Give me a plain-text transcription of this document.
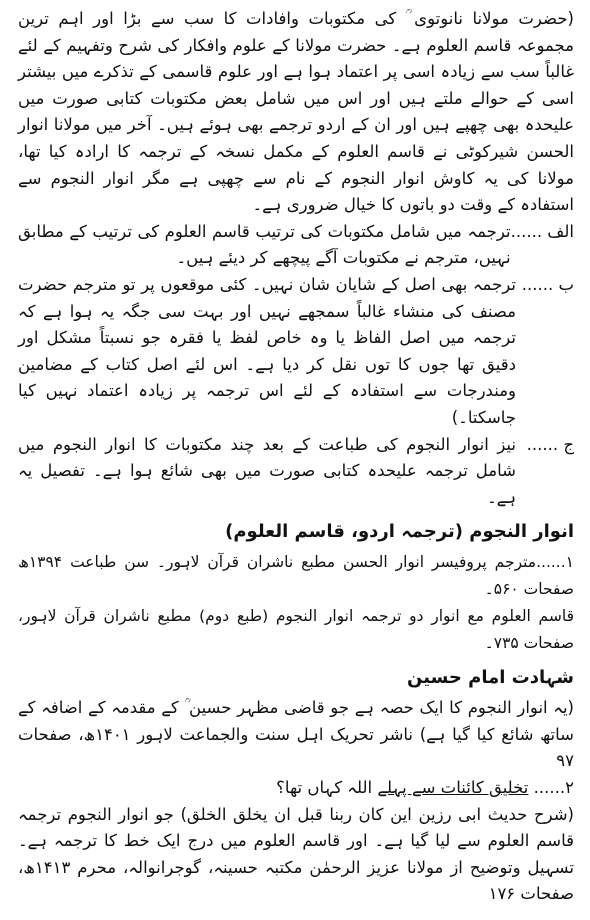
(حضرت مولانا نانوتوی ؒ کی مکتوبات وافادات کا سب سے بڑا اور اہم ترین مجموعہ قاسم العلوم ہے۔ حضرت مولانا کے علوم وافکار کی شرح وتفہیم کے لئے غالباً سب سے زیادہ اسی پر اعتماد ہوا ہے اور علوم قاسمی کے تذکرے میں بیشتر اسی کے حوالے ملتے ہیں اور اس میں شامل بعض مکتوبات کتابی صورت میں علیحدہ بھی چھپے ہیں اور ان کے اردو ترجمے بھی ہوئے ہیں۔ آخر میں مولانا انوار الحسن شیرکوٹی نے قاسم العلوم کے مکمل نسخہ کے ترجمہ کا ارادہ کیا تھا، مولانا کی یہ کاوش انوار النجوم کے نام سے چھپی ہے مگر انوار النجوم سے استفادہ کے وقت دو باتوں کا خیال ضروری ہے۔

الف ......
ترجمہ میں شامل مکتوبات کی ترتیب قاسم العلوم کی ترتیب کے مطابق نہیں، مترجم نے مکتوبات آگے پیچھے کر دیئے ہیں۔
ب ......
ترجمہ بھی اصل کے شایان شان نہیں۔ کئی موقعوں پر تو مترجم حضرت مصنف کی منشاء غالباً سمجھے نہیں اور بہت سی جگہ یہ ہوا ہے کہ ترجمہ میں اصل الفاظ یا وہ خاص لفظ یا فقرہ جو نسبتاً مشکل اور دقیق تھا جوں کا توں نقل کر دیا ہے۔ اس لئے اصل کتاب کے مضامین ومندرجات سے استفادہ کے لئے اس ترجمہ پر زیادہ اعتماد نہیں کیا جاسکتا۔)
ج ......
نیز انوار النجوم کی طباعت کے بعد چند مکتوبات کا انوار النجوم میں شامل ترجمہ علیحدہ کتابی صورت میں بھی شائع ہوا ہے۔ تفصیل یہ ہے۔
انوار النجوم (ترجمہ اردو، قاسم العلوم)

۱......مترجم پروفیسر انوار الحسن مطبع ناشران قرآن لاہور۔ سن طباعت ۱۳۹۴ھ صفحات ۵۶۰۔

قاسم العلوم مع انوار دو ترجمہ انوار النجوم (طبع دوم) مطبع ناشران قرآن لاہور، صفحات ۷۳۵۔

شہادت امام حسین

(یہ انوار النجوم کا ایک حصہ ہے جو قاضی مظہر حسین ؒ کے مقدمہ کے اضافہ کے ساتھ شائع کیا گیا ہے) ناشر تحریک اہل سنت والجماعت لاہور ۱۴۰۱ھ، صفحات ۹۷

۲...... تخلیق کائنات سے پہلے اللہ کہاں تھا؟

(شرح حدیث ابی رزین این کان ربنا قبل ان یخلق الخلق) جو انوار النجوم ترجمہ قاسم العلوم سے لیا گیا ہے۔ اور قاسم العلوم میں درج ایک خط کا ترجمہ ہے۔ تسہیل وتوضیح از مولانا عزیز الرحمٰن مکتبہ حسینہ، گوجرانوالہ، محرم ۱۴۱۳ھ، صفحات ۱۷۶
